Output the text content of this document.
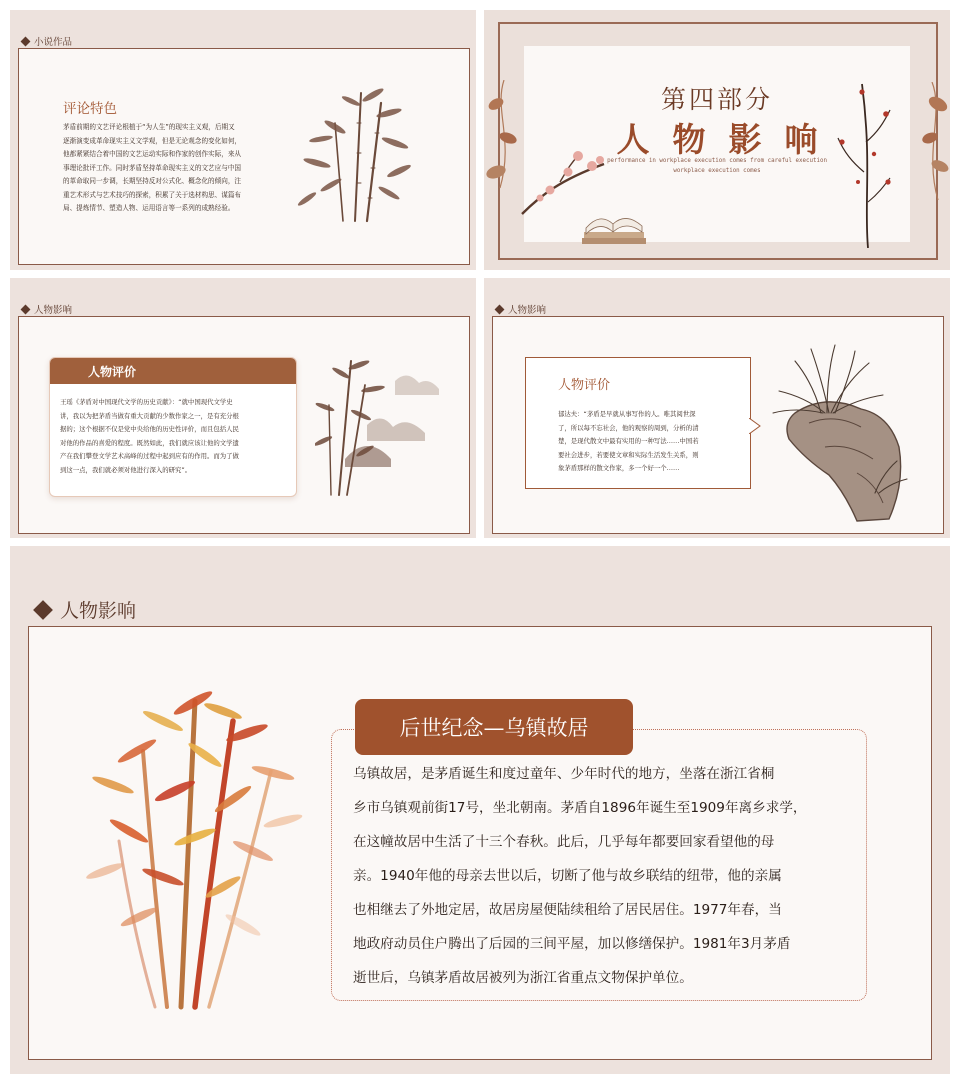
小说作品
评论特色

茅盾前期的文艺评论根植于“为人生”的现实主义观，后期又
逐渐演变成革命现实主义文学观，但是无论观念的变化如何，
他都紧紧结合着中国的文艺运动实际和作家的创作实际，来从
事理论批评工作。同时茅盾坚持革命现实主义的文艺应与中国
的革命取同一步调，长期坚持反对公式化、概念化的倾向，注
重艺术形式与艺术技巧的探索，积累了关于选材构思、谋篇布
局、提炼情节、塑造人物、运用语言等一系列的成熟经验。

第四部分
人  物  影  响
performance in workplace execution comes from careful execution
workplace execution comes
人物影响
人物评价

王瑶《茅盾对中国现代文学的历史贡献》：“就中国现代文学史
讲，我以为把茅盾当做有重大贡献的少数作家之一，是有充分根
据的；这个根据不仅是党中央给他的历史性评价，而且包括人民
对他的作品的喜爱的程度。既然如此，我们就应该让他的文学遗
产在我们攀登文学艺术高峰的过程中起到应有的作用。而为了做
到这一点，我们就必须对他进行深入的研究”。

人物影响
人物评价

郁达夫：“茅盾是早就从事写作的人。唯其阅世深
了，所以每不忘社会，他的观察的周到，分析的清
楚，是现代散文中最有实用的一种写法……中国若
要社会进步，若要使文章和实际生活发生关系，则
象茅盾那样的散文作家，多一个好一个……

人物影响
后世纪念—乌镇故居

乌镇故居，是茅盾诞生和度过童年、少年时代的地方，坐落在浙江省桐
乡市乌镇观前街17号，坐北朝南。茅盾自1896年诞生至1909年离乡求学，
在这幢故居中生活了十三个春秋。此后，几乎每年都要回家看望他的母
亲。1940年他的母亲去世以后，切断了他与故乡联结的纽带，他的亲属
也相继去了外地定居，故居房屋便陆续租给了居民居住。1977年春，当
地政府动员住户腾出了后园的三间平屋，加以修缮保护。1981年3月茅盾
逝世后，乌镇茅盾故居被列为浙江省重点文物保护单位。
